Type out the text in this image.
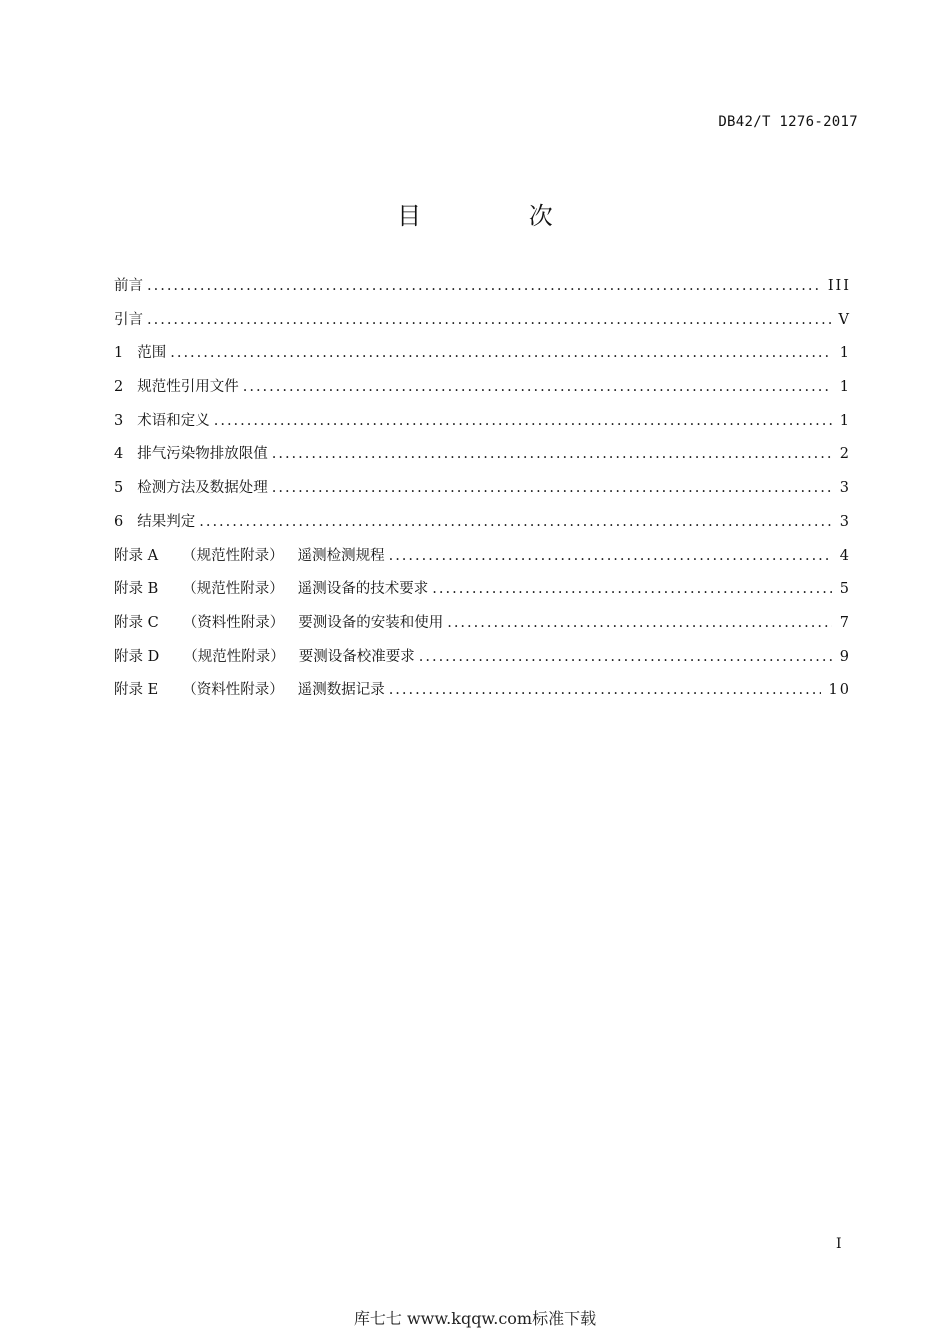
DB42/T 1276-2017
目 次
前言 .....	III
引言 .....	V
1 范围 .....	1
2 规范性引用文件 .....	1
3 术语和定义 .....	1
4 排气污染物排放限值 .....	2
5 检测方法及数据处理 .....	3
6 结果判定 .....	3
附录 A （规范性附录） 遥测检测规程 .....	4
附录 B （规范性附录） 遥测设备的技术要求 .....	5
附录 C （资料性附录） 要测设备的安装和使用 .....	7
附录 D （规范性附录） 要测设备校准要求 .....	9
附录 E （资料性附录） 遥测数据记录 .....	10
I
库七七 www.kqqw.com标准下载
